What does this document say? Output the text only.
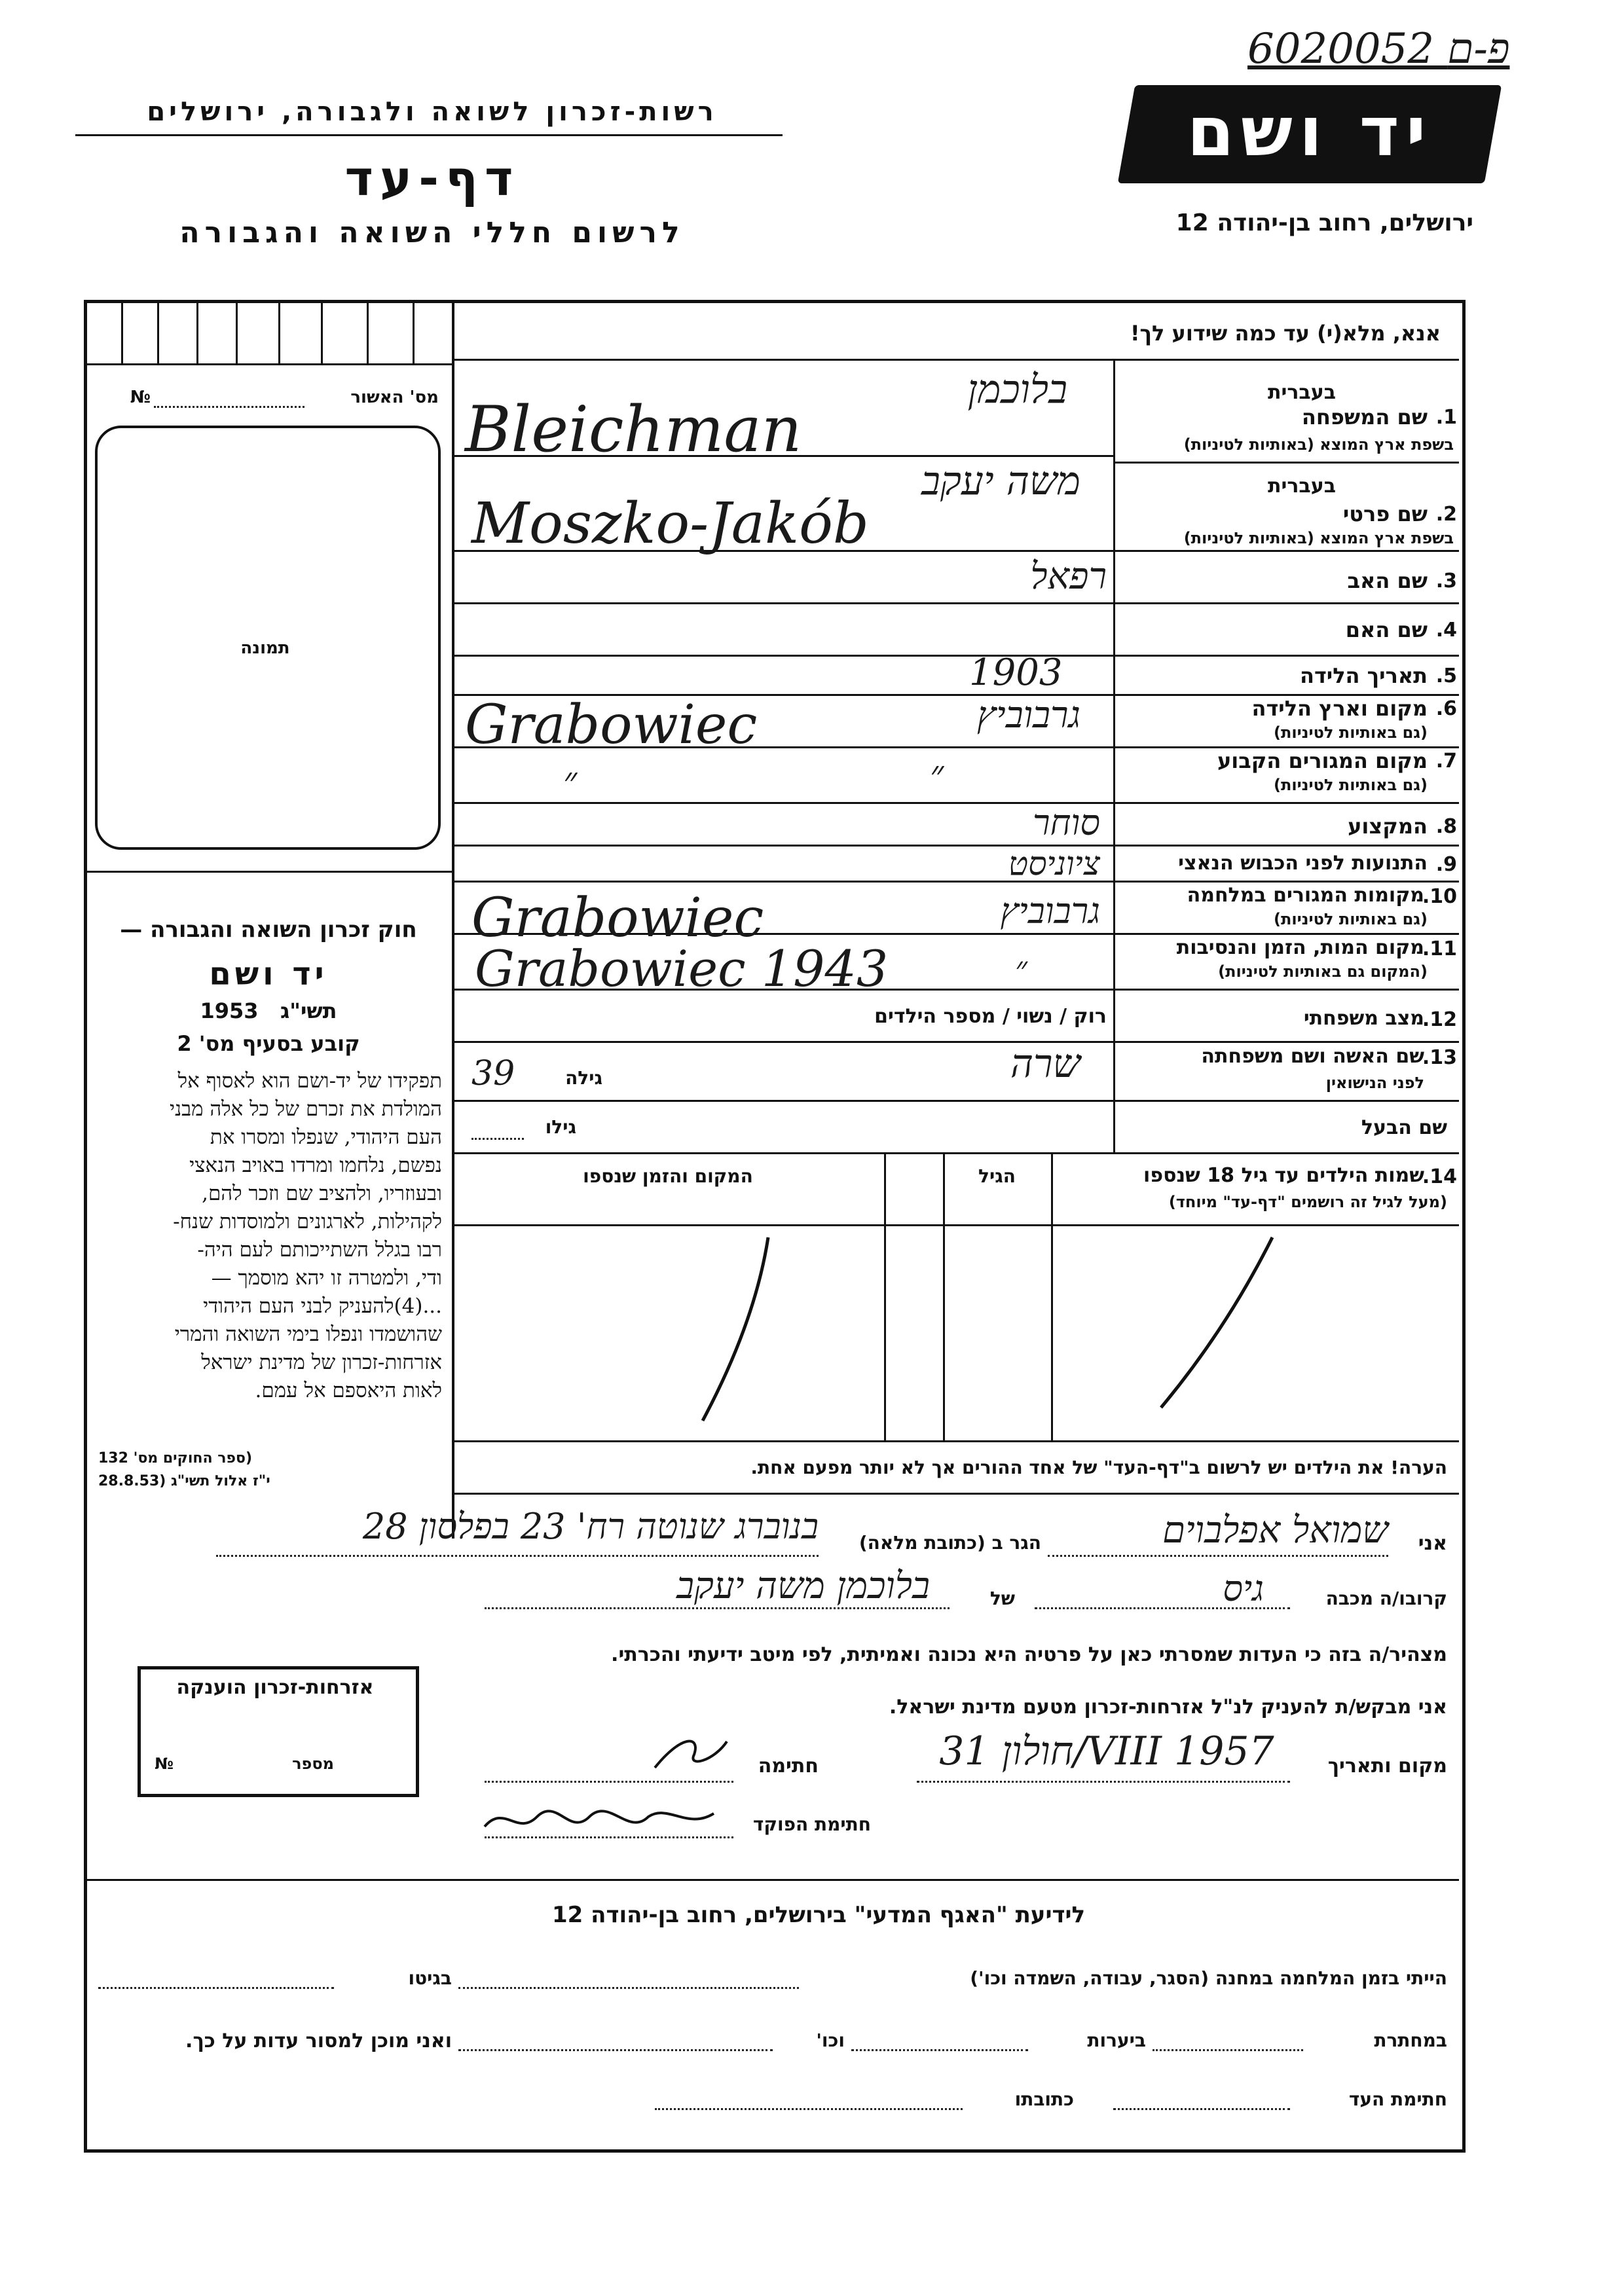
רשות-זכרון לשואה ולגבורה, ירושלים
דף-עד
לרשום חללי השואה והגבורה
6020052 פ-ם
יד ושם
ירושלים, רחוב בן-יהודה 12
מס' האשור
№
תמונה
חוק זכרון השואה והגבורה —
יד ושם
תשי"ג   1953
קובע בסעיף מס' 2
תפקידו של יד-ושם הוא לאסוף אל
המולדת את זכרם של כל אלה מבני
העם היהודי, שנפלו ומסרו את
נפשם, נלחמו ומרדו באויב הנאצי
ובעוזריו, ולהציב שם וזכר להם,
לקהילות, לארגונים ולמוסדות שנח-
רבו בגלל השתייכותם לעם היה-
ודי, ולמטרה זו יהא מוסמך —
...(4)להעניק לבני העם היהודי
שהושמדו ונפלו בימי השואה והמרי
אזרחות-זכרון של מדינת ישראל
לאות היאספם אל עמם.
(ספר החוקים מס' 132
י"ז אלול תשי"ג (28.8.53
אנא, מלא(י) עד כמה שידוע לך!
בעברית
1.
שם המשפחה
בשפת ארץ המוצא (באותיות לטיניות)
בלוכמן
Bleichman
בעברית
2.
שם פרטי
בשפת ארץ המוצא (באותיות לטיניות)
משה יעקב
Moszko-Jakób
3.
שם האב
רפאל
4.
שם האם
5.
תאריך הלידה
1903
6.
מקום וארץ הלידה
(גם באותיות לטיניות)
גרבוביץ
Grabowiec
7.
מקום המגורים הקבוע
(גם באותיות לטיניות)
״
״
8.
המקצוע
סוחר
9.
התנועות לפני הכבוש הנאצי
ציוניסט
10.
מקומות המגורים במלחמה
(גם באותיות לטיניות)
גרבוביץ
Grabowiec	11.
מקום המות, הזמן והנסיבות
(המקום גם באותיות לטיניות)
״
Grabowiec 1943
12.
מצב משפחתי
רוק / נשוי / מספר הילדים
13.
שם האשה ושם משפחתה
לפני הנישואין
שרה
גילה
39
שם הבעל
גילו
14.
שמות הילדים עד גיל 18 שנספו
(מעל לגיל זה רושמים "דף-עד" מיוחד)
הגיל
המקום והזמן שנספו
הערה! את הילדים יש לרשום ב"דף-העד" של אחד ההורים אך לא יותר מפעם אחת.
אזרחות-זכרון הוענקה
מספר
№
אני
שמואל אפלבוים
הגר ב (כתובת מלאה)
בנוברג שנוטה רח' 23 בפלסון 28
קרובו/ה מכבה
גיס
של
בלוכמן משה יעקב
מצהיר/ה בזה כי העדות שמסרתי כאן על פרטיה היא נכונה ואמיתית, לפי מיטב ידיעתי והכרתי.
אני מבקש/ת להעניק לנ"ל אזרחות-זכרון מטעם מדינת ישראל.
מקום ותאריך
חולון 31/VIII 1957
חתימה
חתימת הפוקד
לידיעת "האגף המדעי" בירושלים, רחוב בן-יהודה 12
הייתי בזמן המלחמה במחנה (הסגר, עבודה, השמדה וכו')
בגיטו
במחתרת
ביערות
וכו'
ואני מוכן למסור עדות על כך.
חתימת העד
כתובתו
